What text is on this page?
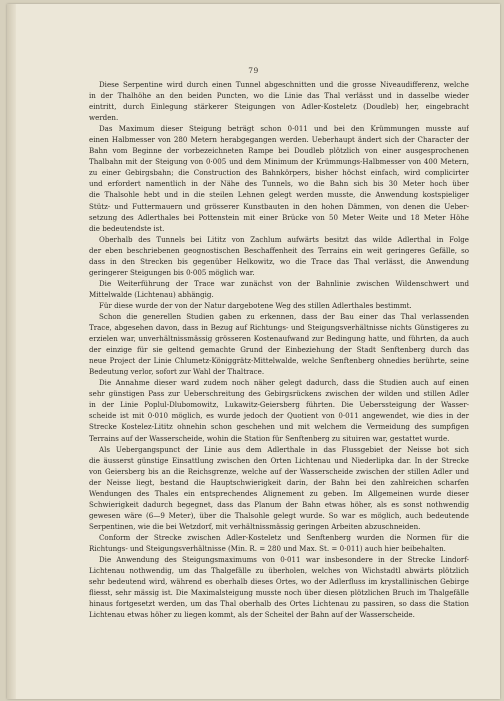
79
Diese Serpentine wird durch einen Tunnel abgeschnitten und die grosse Niveaudifferenz, welche
in der Thalhöhe an den beiden Puncten, wo die Linie das Thal verlässt und in dasselbe wieder
eintritt, durch Einlegung stärkerer Steigungen von Adler-Kosteletz (Doudleb) her, eingebracht
werden.
Das Maximum dieser Steigung beträgt schon 0·011 und bei den Krümmungen musste auf
einen Halbmesser von 280 Metern herabgegangen werden. Ueberhaupt ändert sich der Character der
Bahn vom Beginne der vorbezeichneten Rampe bei Doudleb plötzlich von einer ausgesprochenen
Thalbahn mit der Steigung von 0·005 und dem Minimum der Krümmungs-Halbmesser von 400 Metern,
zu einer Gebirgsbahn; die Construction des Bahnkörpers, bisher höchst einfach, wird complicirter
und erfordert namentlich in der Nähe des Tunnels, wo die Bahn sich bis 30 Meter hoch über
die Thalsohle hebt und in die steilen Lehnen gelegt werden musste, die Anwendung kostspieliger
Stütz- und Futtermauern und grösserer Kunstbauten in den hohen Dämmen, von denen die Ueber-
setzung des Adlerthales bei Pottenstein mit einer Brücke von 50 Meter Weite und 18 Meter Höhe
die bedeutendste ist.
Oberhalb des Tunnels bei Lititz von Zachlum aufwärts besitzt das wilde Adlerthal in Folge
der eben beschriebenen geognostischen Beschaffenheit des Terrains ein weit geringeres Gefälle, so
dass in den Strecken bis gegenüber Helkowitz, wo die Trace das Thal verlässt, die Anwendung
geringerer Steigungen bis 0·005 möglich war.
Die Weiterführung der Trace war zunächst von der Bahnlinie zwischen Wildenschwert und
Mittelwalde (Lichtenau) abhängig.
Für diese wurde der von der Natur dargebotene Weg des stillen Adlerthales bestimmt.
Schon die generellen Studien gaben zu erkennen, dass der Bau einer das Thal verlassenden
Trace, abgesehen davon, dass in Bezug auf Richtungs- und Steigungsverhältnisse nichts Günstigeres zu
erzielen war, unverhältnissmässig grösseren Kostenaufwand zur Bedingung hatte, und führten, da auch
der einzige für sie geltend gemachte Grund der Einbeziehung der Stadt Senftenberg durch das
neue Project der Linie Chlumetz-Königgrätz-Mittelwalde, welche Senftenberg ohnedies berührte, seine
Bedeutung verlor, sofort zur Wahl der Thaltrace.
Die Annahme dieser ward zudem noch näher gelegt dadurch, dass die Studien auch auf einen
sehr günstigen Pass zur Ueberschreitung des Gebirgsrückens zwischen der wilden und stillen Adler
in der Linie Poplul-Dlubomowitz, Lukawitz-Geiersberg führten. Die Ueberssteigung der Wasser-
scheide ist mit 0·010 möglich, es wurde jedoch der Quotient von 0·011 angewendet, wie dies in der
Strecke Kostelez-Lititz ohnehin schon geschehen und mit welchem die Vermeidung des sumpfigen
Terrains auf der Wasserscheide, wohin die Station für Senftenberg zu situiren war, gestattet wurde.
Als Uebergangspunct der Linie aus dem Adlerthale in das Flussgebiet der Neisse bot sich
die äusserst günstige Einsattlung zwischen den Orten Lichtenau und Niederlipka dar. In der Strecke
von Geiersberg bis an die Reichsgrenze, welche auf der Wasserscheide zwischen der stillen Adler und
der Neisse liegt, bestand die Hauptschwierigkeit darin, der Bahn bei den zahlreichen scharfen
Wendungen des Thales ein entsprechendes Alignement zu geben. Im Allgemeinen wurde dieser
Schwierigkeit dadurch begegnet, dass das Planum der Bahn etwas höher, als es sonst nothwendig
gewesen wäre (6—9 Meter), über die Thalsohle gelegt wurde. So war es möglich, auch bedeutende
Serpentinen, wie die bei Wetzdorf, mit verhältnissmässig geringen Arbeiten abzuschneiden.
Conform der Strecke zwischen Adler-Kosteletz und Senftenberg wurden die Normen für die
Richtungs- und Steigungsverhältnisse (Min. R. = 280 und Max. St. = 0·011) auch hier beibehalten.
Die Anwendung des Steigungsmaximums von 0·011 war insbesondere in der Strecke Lindorf-
Lichtenau nothwendig, um das Thalgefälle zu überholen, welches von Wichstadtl abwärts plötzlich
sehr bedeutend wird, während es oberhalb dieses Ortes, wo der Adlerfluss im krystallinischen Gebirge
fliesst, sehr mässig ist. Die Maximalsteigung musste noch über diesen plötzlichen Bruch im Thalgefälle
hinaus fortgesetzt werden, um das Thal oberhalb des Ortes Lichtenau zu passiren, so dass die Station
Lichtenau etwas höher zu liegen kommt, als der Scheitel der Bahn auf der Wasserscheide.
